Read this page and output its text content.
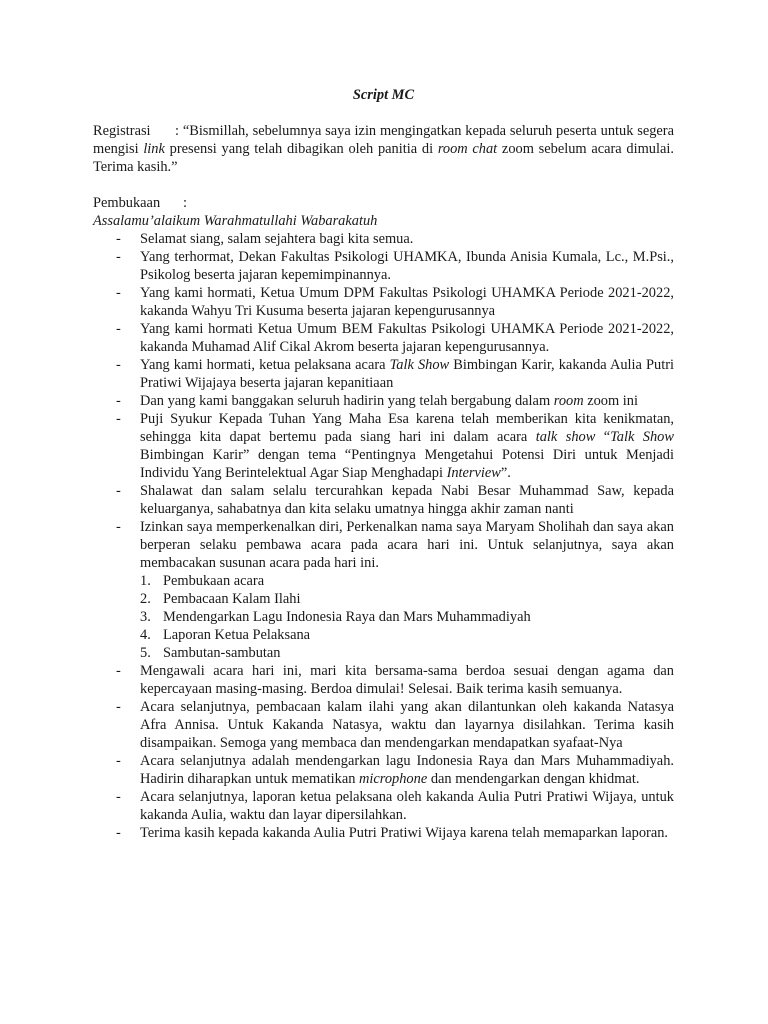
Script MC

Registrasi : “Bismillah, sebelumnya saya izin mengingatkan kepada seluruh peserta untuk segera mengisi link presensi yang telah dibagikan oleh panitia di room chat zoom sebelum acara dimulai. Terima kasih.”

Pembukaan :

Assalamu’alaikum Warahmatullahi Wabarakatuh

- Selamat siang, salam sejahtera bagi kita semua.
- Yang terhormat, Dekan Fakultas Psikologi UHAMKA, Ibunda Anisia Kumala, Lc., M.Psi., Psikolog beserta jajaran kepemimpinannya.
- Yang kami hormati, Ketua Umum DPM Fakultas Psikologi UHAMKA Periode 2021-2022, kakanda Wahyu Tri Kusuma beserta jajaran kepengurusannya
- Yang kami hormati Ketua Umum BEM Fakultas Psikologi UHAMKA Periode 2021-2022, kakanda Muhamad Alif Cikal Akrom beserta jajaran kepengurusannya.
- Yang kami hormati, ketua pelaksana acara Talk Show Bimbingan Karir, kakanda Aulia Putri Pratiwi Wijajaya beserta jajaran kepanitiaan
- Dan yang kami banggakan seluruh hadirin yang telah bergabung dalam room zoom ini
- Puji Syukur Kepada Tuhan Yang Maha Esa karena telah memberikan kita kenikmatan, sehingga kita dapat bertemu pada siang hari ini dalam acara talk show “Talk Show Bimbingan Karir” dengan tema “Pentingnya Mengetahui Potensi Diri untuk Menjadi Individu Yang Berintelektual Agar Siap Menghadapi Interview”.
- Shalawat dan salam selalu tercurahkan kepada Nabi Besar Muhammad Saw, kepada keluarganya, sahabatnya dan kita selaku umatnya hingga akhir zaman nanti
- Izinkan saya memperkenalkan diri, Perkenalkan nama saya Maryam Sholihah dan saya akan berperan selaku pembawa acara pada acara hari ini. Untuk selanjutnya, saya akan membacakan susunan acara pada hari ini.
1. Pembukaan acara
2. Pembacaan Kalam Ilahi
3. Mendengarkan Lagu Indonesia Raya dan Mars Muhammadiyah
4. Laporan Ketua Pelaksana
5. Sambutan-sambutan
- Mengawali acara hari ini, mari kita bersama-sama berdoa sesuai dengan agama dan kepercayaan masing-masing. Berdoa dimulai! Selesai. Baik terima kasih semuanya.
- Acara selanjutnya, pembacaan kalam ilahi yang akan dilantunkan oleh kakanda Natasya Afra Annisa. Untuk Kakanda Natasya, waktu dan layarnya disilahkan. Terima kasih disampaikan. Semoga yang membaca dan mendengarkan mendapatkan syafaat-Nya
- Acara selanjutnya adalah mendengarkan lagu Indonesia Raya dan Mars Muhammadiyah. Hadirin diharapkan untuk mematikan microphone dan mendengarkan dengan khidmat.
- Acara selanjutnya, laporan ketua pelaksana oleh kakanda Aulia Putri Pratiwi Wijaya, untuk kakanda Aulia, waktu dan layar dipersilahkan.
- Terima kasih kepada kakanda Aulia Putri Pratiwi Wijaya karena telah memaparkan laporan.
